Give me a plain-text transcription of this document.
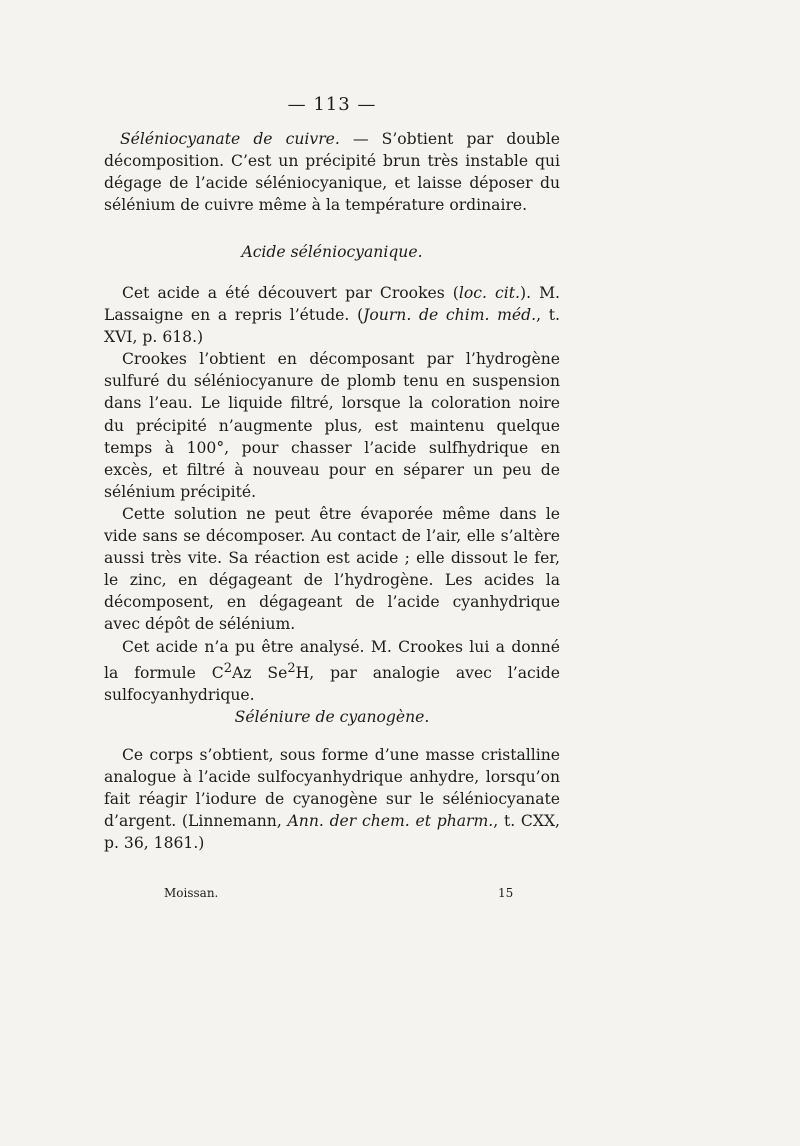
— 113 —

Séléniocyanate de cuivre. — S’obtient par double décomposition. C’est un précipité brun très instable qui dégage de l’acide séléniocyanique, et laisse déposer du sélénium de cuivre même à la température ordinaire.

Acide séléniocyanique.

Cet acide a été découvert par Crookes (loc. cit.). M. Lassaigne en a repris l’étude. (Journ. de chim. méd., t. XVI, p. 618.)

Crookes l’obtient en décomposant par l’hydrogène sulfuré du séléniocyanure de plomb tenu en suspension dans l’eau. Le liquide filtré, lorsque la coloration noire du précipité n’augmente plus, est maintenu quelque temps à 100°, pour chasser l’acide sulfhydrique en excès, et filtré à nouveau pour en séparer un peu de sélénium précipité.

Cette solution ne peut être évaporée même dans le vide sans se décomposer. Au contact de l’air, elle s’altère aussi très vite. Sa réaction est acide ; elle dissout le fer, le zinc, en dégageant de l’hydrogène. Les acides la décomposent, en dégageant de l’acide cyanhydrique avec dépôt de sélénium.

Cet acide n’a pu être analysé. M. Crookes lui a donné la formule $C^2Az$ Se$^2$H, par analogie avec l’acide sulfocyanhydrique.

Séléniure de cyanogène.

Ce corps s’obtient, sous forme d’une masse cristalline analogue à l’acide sulfocyanhydrique anhydre, lorsqu’on fait réagir l’iodure de cyanogène sur le séléniocyanate d’argent. (Linnemann, Ann. der chem. et pharm., t. CXX, p. 36, 1861.)

Moissan.	15
